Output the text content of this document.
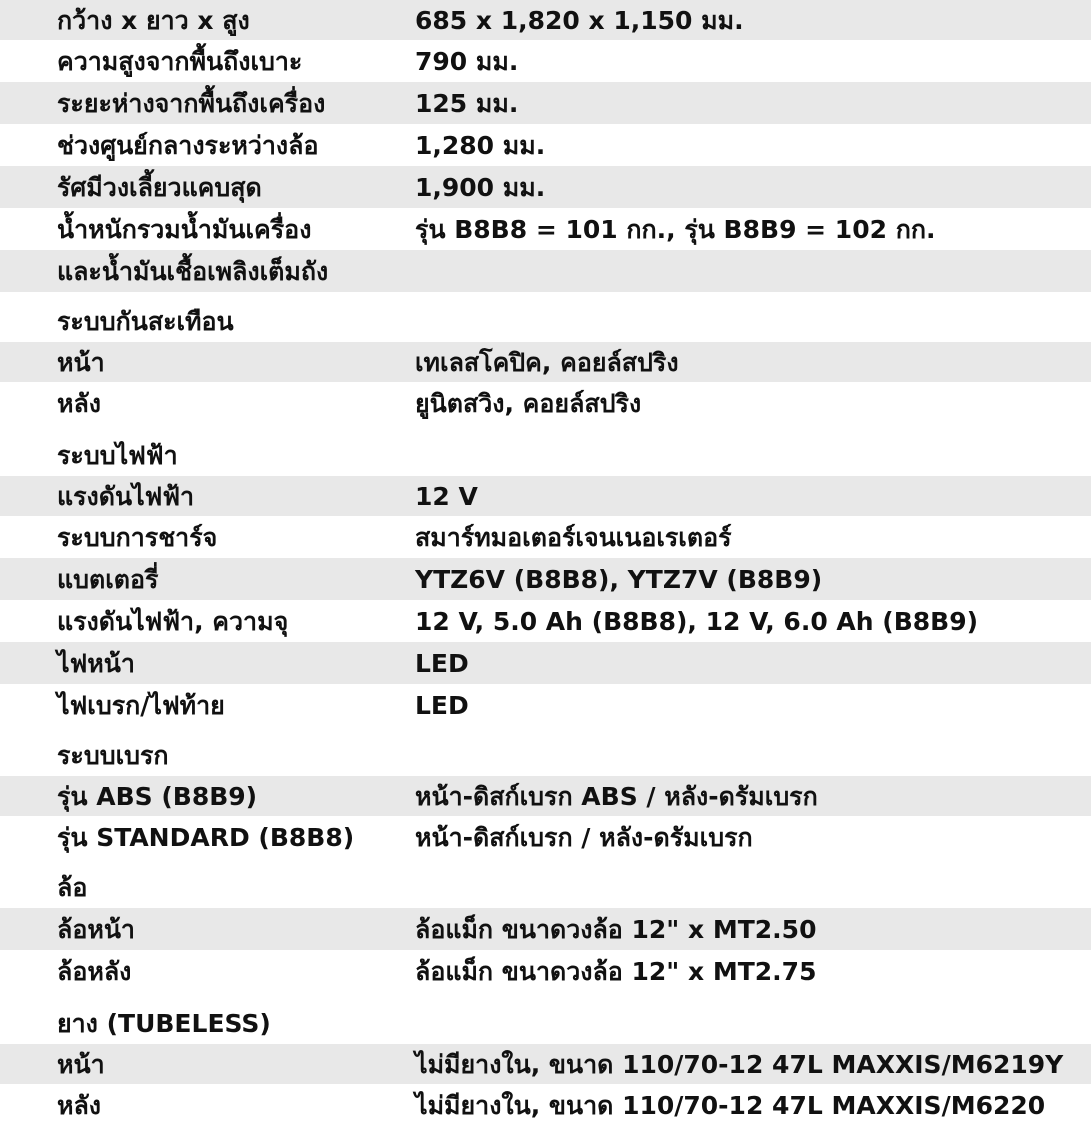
กว้าง x ยาว x สูง	685 x 1,820 x 1,150 มม.
ความสูงจากพื้นถึงเบาะ	790 มม.
ระยะห่างจากพื้นถึงเครื่อง	125 มม.
ช่วงศูนย์กลางระหว่างล้อ	1,280 มม.
รัศมีวงเลี้ยวแคบสุด	1,900 มม.
น้ำหนักรวมน้ำมันเครื่อง	รุ่น B8B8 = 101 กก., รุ่น B8B9 = 102 กก.
และน้ำมันเชื้อเพลิงเต็มถัง
ระบบกันสะเทือน
หน้า	เทเลสโคปิค, คอยล์สปริง
หลัง	ยูนิตสวิง, คอยล์สปริง
ระบบไฟฟ้า
แรงดันไฟฟ้า	12 V
ระบบการชาร์จ	สมาร์ทมอเตอร์เจนเนอเรเตอร์
แบตเตอรี่	YTZ6V (B8B8), YTZ7V (B8B9)
แรงดันไฟฟ้า, ความจุ	12 V, 5.0 Ah (B8B8), 12 V, 6.0 Ah (B8B9)
ไฟหน้า	LED
ไฟเบรก/ไฟท้าย	LED
ระบบเบรก
รุ่น ABS (B8B9)	หน้า-ดิสก์เบรก ABS / หลัง-ดรัมเบรก
รุ่น STANDARD (B8B8) หน้า-ดิสก์เบรก / หลัง-ดรัมเบรก
ล้อ
ล้อหน้า	ล้อแม็ก ขนาดวงล้อ 12" x MT2.50
ล้อหลัง	ล้อแม็ก ขนาดวงล้อ 12" x MT2.75
ยาง (TUBELESS)
หน้า	ไม่มียางใน, ขนาด 110/70-12 47L MAXXIS/M6219Y
หลัง	ไม่มียางใน, ขนาด 110/70-12 47L MAXXIS/M6220
